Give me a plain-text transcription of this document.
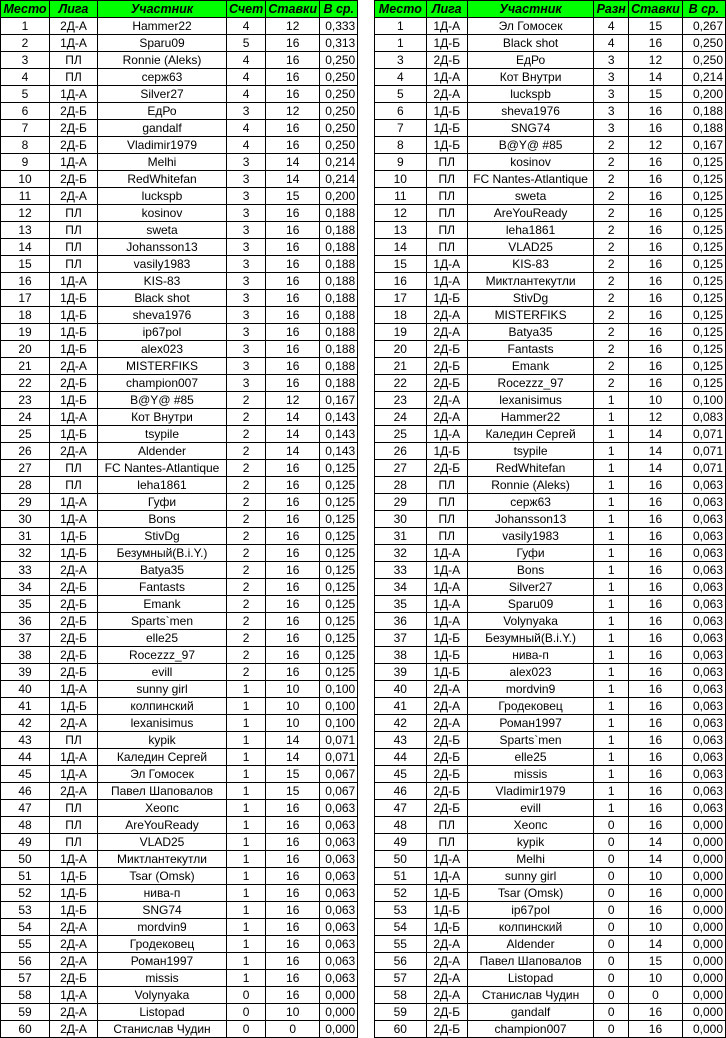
Место	Лига	Участник	Счет	Ставки	В ср.
1	2Д-А	Hammer22	4	12	0,333
2	1Д-А	Sparu09	5	16	0,313
3	ПЛ	Ronnie (Aleks)	4	16	0,250
4	ПЛ	серж63	4	16	0,250
5	1Д-А	Silver27	4	16	0,250
6	2Д-Б	ЕдРо	3	12	0,250
7	2Д-Б	gandalf	4	16	0,250
8	2Д-Б	Vladimir1979	4	16	0,250
9	1Д-А	Melhi	3	14	0,214
10	2Д-Б	RedWhitefan	3	14	0,214
11	2Д-А	luckspb	3	15	0,200
12	ПЛ	kosinov	3	16	0,188
13	ПЛ	sweta	3	16	0,188
14	ПЛ	Johansson13	3	16	0,188
15	ПЛ	vasily1983	3	16	0,188
16	1Д-А	KIS-83	3	16	0,188
17	1Д-Б	Black shot	3	16	0,188
18	1Д-Б	sheva1976	3	16	0,188
19	1Д-Б	ip67pol	3	16	0,188
20	1Д-Б	alex023	3	16	0,188
21	2Д-А	MISTERFIKS	3	16	0,188
22	2Д-Б	champion007	3	16	0,188
23	1Д-Б	B@Y@ #85	2	12	0,167
24	1Д-А	Кот Внутри	2	14	0,143
25	1Д-Б	tsypile	2	14	0,143
26	2Д-А	Aldender	2	14	0,143
27	ПЛ	FC Nantes-Atlantique	2	16	0,125
28	ПЛ	leha1861	2	16	0,125
29	1Д-А	Гуфи	2	16	0,125
30	1Д-А	Bons	2	16	0,125
31	1Д-Б	StivDg	2	16	0,125
32	1Д-Б	Безумный(B.i.Y.)	2	16	0,125
33	2Д-А	Batya35	2	16	0,125
34	2Д-Б	Fantasts	2	16	0,125
35	2Д-Б	Emank	2	16	0,125
36	2Д-Б	Sparts`men	2	16	0,125
37	2Д-Б	elle25	2	16	0,125
38	2Д-Б	Rocezzz_97	2	16	0,125
39	2Д-Б	evill	2	16	0,125
40	1Д-А	sunny girl	1	10	0,100
41	1Д-Б	колпинский	1	10	0,100
42	2Д-А	lexanisimus	1	10	0,100
43	ПЛ	kypik	1	14	0,071
44	1Д-А	Каледин Сергей	1	14	0,071
45	1Д-А	Эл Гомосек	1	15	0,067
46	2Д-А	Павел Шаповалов	1	15	0,067
47	ПЛ	Хеопс	1	16	0,063
48	ПЛ	AreYouReady	1	16	0,063
49	ПЛ	VLAD25	1	16	0,063
50	1Д-А	Миктлантекутли	1	16	0,063
51	1Д-Б	Tsar (Omsk)	1	16	0,063
52	1Д-Б	нива-п	1	16	0,063
53	1Д-Б	SNG74	1	16	0,063
54	2Д-А	mordvin9	1	16	0,063
55	2Д-А	Гродековец	1	16	0,063
56	2Д-А	Роман1997	1	16	0,063
57	2Д-Б	missis	1	16	0,063
58	1Д-А	Volynyaka	0	16	0,000
59	2Д-А	Listopad	0	10	0,000
60	2Д-А	Станислав Чудин	0	0	0,000
Место	Лига	Участник	Разн	Ставки	В ср.
1	1Д-А	Эл Гомосек	4	15	0,267
1	1Д-Б	Black shot	4	16	0,250
3	2Д-Б	ЕдРо	3	12	0,250
4	1Д-А	Кот Внутри	3	14	0,214
5	2Д-А	luckspb	3	15	0,200
6	1Д-Б	sheva1976	3	16	0,188
7	1Д-Б	SNG74	3	16	0,188
8	1Д-Б	B@Y@ #85	2	12	0,167
9	ПЛ	kosinov	2	16	0,125
10	ПЛ	FC Nantes-Atlantique	2	16	0,125
11	ПЛ	sweta	2	16	0,125
12	ПЛ	AreYouReady	2	16	0,125
13	ПЛ	leha1861	2	16	0,125
14	ПЛ	VLAD25	2	16	0,125
15	1Д-А	KIS-83	2	16	0,125
16	1Д-А	Миктлантекутли	2	16	0,125
17	1Д-Б	StivDg	2	16	0,125
18	2Д-А	MISTERFIKS	2	16	0,125
19	2Д-А	Batya35	2	16	0,125
20	2Д-Б	Fantasts	2	16	0,125
21	2Д-Б	Emank	2	16	0,125
22	2Д-Б	Rocezzz_97	2	16	0,125
23	2Д-А	lexanisimus	1	10	0,100
24	2Д-А	Hammer22	1	12	0,083
25	1Д-А	Каледин Сергей	1	14	0,071
26	1Д-Б	tsypile	1	14	0,071
27	2Д-Б	RedWhitefan	1	14	0,071
28	ПЛ	Ronnie (Aleks)	1	16	0,063
29	ПЛ	серж63	1	16	0,063
30	ПЛ	Johansson13	1	16	0,063
31	ПЛ	vasily1983	1	16	0,063
32	1Д-А	Гуфи	1	16	0,063
33	1Д-А	Bons	1	16	0,063
34	1Д-А	Silver27	1	16	0,063
35	1Д-А	Sparu09	1	16	0,063
36	1Д-А	Volynyaka	1	16	0,063
37	1Д-Б	Безумный(B.i.Y.)	1	16	0,063
38	1Д-Б	нива-п	1	16	0,063
39	1Д-Б	alex023	1	16	0,063
40	2Д-А	mordvin9	1	16	0,063
41	2Д-А	Гродековец	1	16	0,063
42	2Д-А	Роман1997	1	16	0,063
43	2Д-Б	Sparts`men	1	16	0,063
44	2Д-Б	elle25	1	16	0,063
45	2Д-Б	missis	1	16	0,063
46	2Д-Б	Vladimir1979	1	16	0,063
47	2Д-Б	evill	1	16	0,063
48	ПЛ	Хеопс	0	16	0,000
49	ПЛ	kypik	0	14	0,000
50	1Д-А	Melhi	0	14	0,000
51	1Д-А	sunny girl	0	10	0,000
52	1Д-Б	Tsar (Omsk)	0	16	0,000
53	1Д-Б	ip67pol	0	16	0,000
54	1Д-Б	колпинский	0	10	0,000
55	2Д-А	Aldender	0	14	0,000
56	2Д-А	Павел Шаповалов	0	15	0,000
57	2Д-А	Listopad	0	10	0,000
58	2Д-А	Станислав Чудин	0	0	0,000
59	2Д-Б	gandalf	0	16	0,000
60	2Д-Б	champion007	0	16	0,000
